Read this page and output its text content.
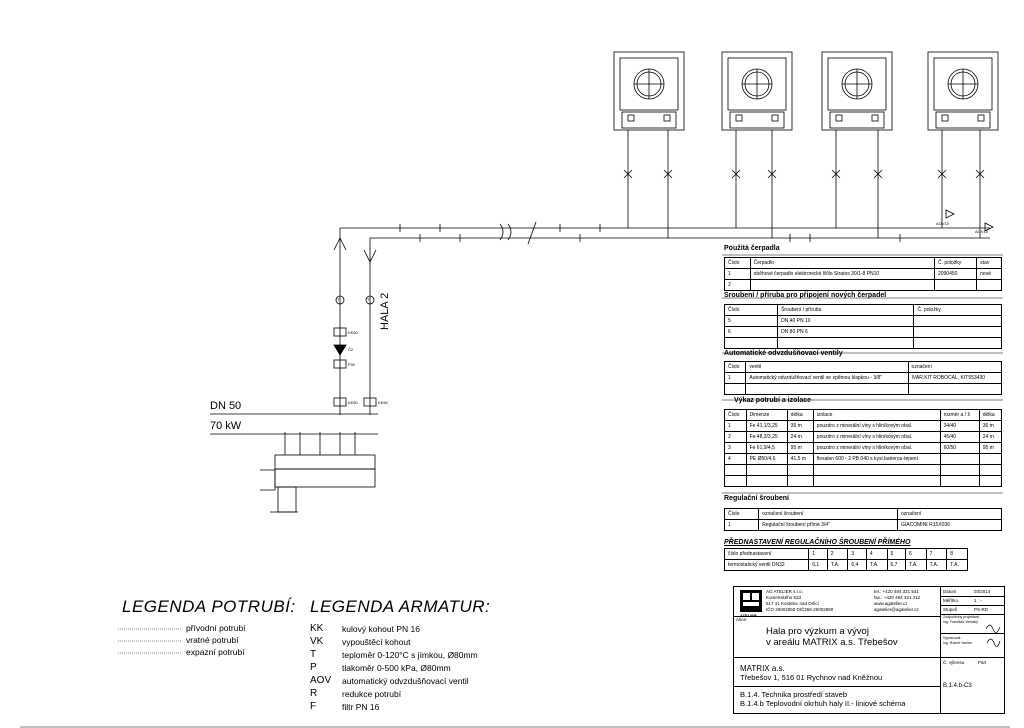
DN 50
70 kW
HALA 2
KK50
F50
KK50	KK50
Č2
T	T
AOV15
AOV15
Použitá čerpadla
Číslo	Čerpadlo	Č. položky	stav
1	oběhové čerpadlo elektronické Wilo Stratos 30/1-8 PN10	2090450	nové
2			
Šroubení / příruba pro připojení nových čerpadel
Číslo	Šroubení / příruba	Č. položky
5	DN 40 PN 10	
6	DN 80 PN 6	

Automatické odvzdušňovací ventily
Číslo	ventil	označení
1	Automatický odvzdušňovací ventil se zpětnou klapkou - 3/8"	IVAR.KIT ROBOCAL, KIT553430

Výkaz potrubí a izolace
Číslo	Dimenze	délka	izolace	rozměr a / š	délka
1	Fe 41,1/3,25	36 m	pouzdro z minerální vlny s hliníkovým obal.	34/40	36 m
2	Fe 48,3/3,25	24 m	pouzdro z minerální vlny s hliníkovým obal.	45/40	24 m
3	Fe 61,9/4,5	95 m	pouzdro z minerální vlny s hliníkovým obal.	60/50	95 m
4	PE Ø50/4,6	41,5 m	flexalen 600 - 2 PB 040 s kysl.barierou-tepení		

Regulační šroubení
Číslo	označení šroubení	označení
1	Regulační šroubení přímé 3/4"	GIACOMINI R15X036
PŘEDNASTAVENÍ REGULAČNÍHO ŠROUBENÍ PŘÍMÉHO
číslo přednastavení	1	2	3	4	5	6	7	8
termostatický ventil DN32	6,1	T.A.	6,4	T.A.	6,7	T.A.	T.A.	T.A.
LEGENDA POTRUBÍ:
přívodní potrubí
vratné potrubí
expazní potrubí
LEGENDA ARMATUR:
KK kulový kohout PN 16
VK vypouštěcí kohout
T	teploměr 0-120°C s jímkou, Ø80mm
P	tlakoměr 0-500 kPa, Ø80mm
AOV automatický odvzdušňovací ventil
R	redukce potrubí
F	filtr PN 16
ATELIER
AG ATELIER s.r.o.
Komenského 533
517 41 Kostelec nad Orlicí
IČO 26002850 DIČ256-26002850
tel.: +420 494 321 541
fax.: +420 494 321 412
www.agatelier.cz
agatelier@agatelier.cz
Datum	03/2014
Měřítko	1 : -
Stupeň	PS-RD
Zodpovědný projektant:
Ing. František Velinský
Vypracoval:
Ing. Robert Vacher
Akce:
Hala pro výzkum a vývoj
v areálu MATRIX a.s. Třebešov
MATRIX a.s.
Třebešov 1, 516 01 Rychnov nad Kněžnou
B.1.4. Technika prostředí staveb
B.1.4.b Teplovodní okrhuh haly II.- liniové schéma
Č. výkresu	Part
B.1.4.b-C3
